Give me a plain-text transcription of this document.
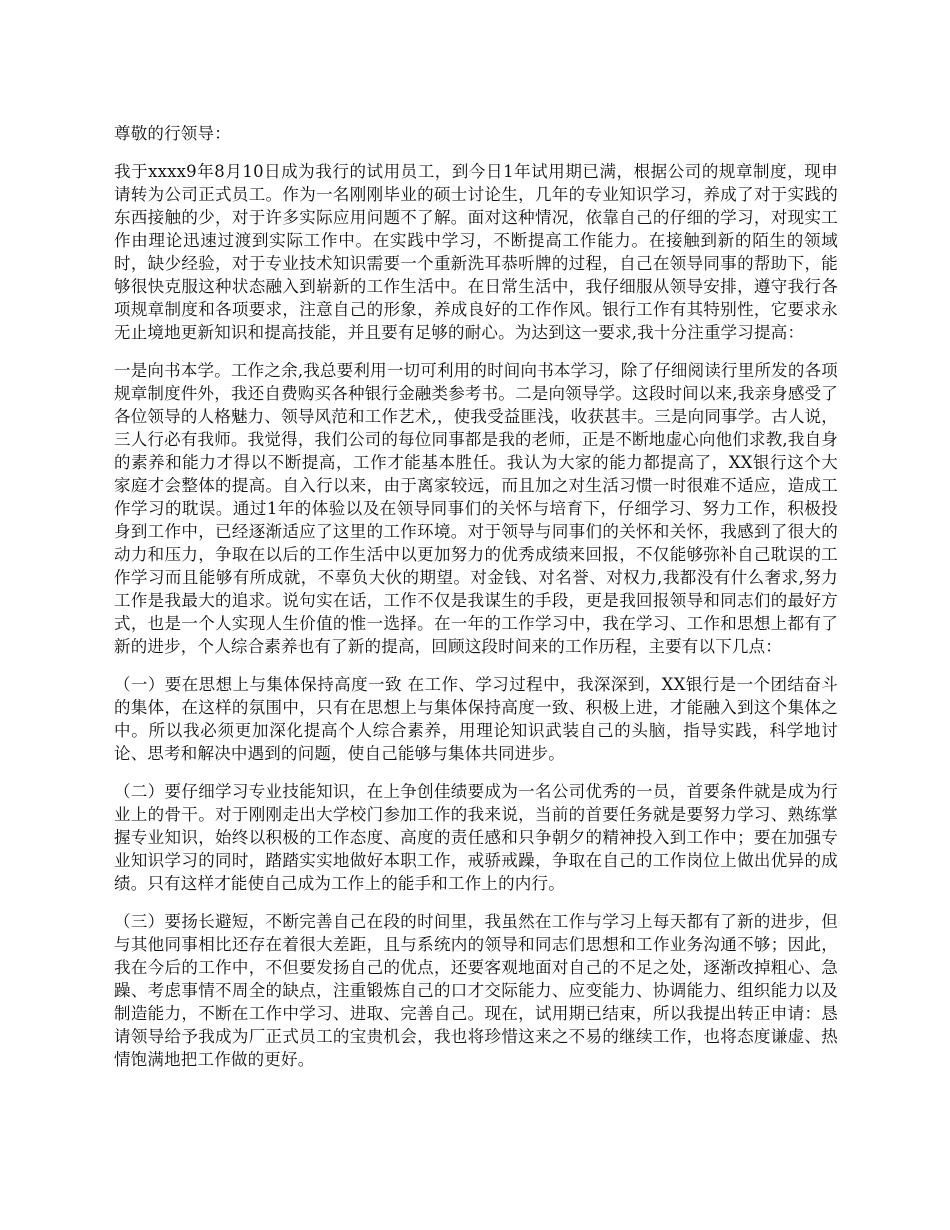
尊敬的行领导：

我于xxxx9年8月10日成为我行的试用员工，到今日1年试用期已满，根据公司的规章制度，现申请转为公司正式员工。作为一名刚刚毕业的硕士讨论生，几年的专业知识学习，养成了对于实践的东西接触的少，对于许多实际应用问题不了解。面对这种情况，依靠自己的仔细的学习，对现实工作由理论迅速过渡到实际工作中。在实践中学习，不断提高工作能力。在接触到新的陌生的领域时，缺少经验，对于专业技术知识需要一个重新洗耳恭听牌的过程，自己在领导同事的帮助下，能够很快克服这种状态融入到崭新的工作生活中。在日常生活中，我仔细服从领导安排，遵守我行各项规章制度和各项要求，注意自己的形象，养成良好的工作作风。银行工作有其特别性，它要求永无止境地更新知识和提高技能，并且要有足够的耐心。为达到这一要求,我十分注重学习提高：

一是向书本学。工作之余,我总要利用一切可利用的时间向书本学习，除了仔细阅读行里所发的各项规章制度件外，我还自费购买各种银行金融类参考书。二是向领导学。这段时间以来,我亲身感受了各位领导的人格魅力、领导风范和工作艺术,，使我受益匪浅，收获甚丰。三是向同事学。古人说，三人行必有我师。我觉得，我们公司的每位同事都是我的老师，正是不断地虚心向他们求教,我自身的素养和能力才得以不断提高，工作才能基本胜任。我认为大家的能力都提高了，XX银行这个大家庭才会整体的提高。自入行以来，由于离家较远，而且加之对生活习惯一时很难不适应，造成工作学习的耽误。通过1年的体验以及在领导同事们的关怀与培育下，仔细学习、努力工作，积极投身到工作中，已经逐渐适应了这里的工作环境。对于领导与同事们的关怀和关怀，我感到了很大的动力和压力，争取在以后的工作生活中以更加努力的优秀成绩来回报，不仅能够弥补自己耽误的工作学习而且能够有所成就，不辜负大伙的期望。对金钱、对名誉、对权力,我都没有什么奢求,努力工作是我最大的追求。说句实在话，工作不仅是我谋生的手段，更是我回报领导和同志们的最好方式，也是一个人实现人生价值的惟一选择。在一年的工作学习中，我在学习、工作和思想上都有了新的进步，个人综合素养也有了新的提高，回顾这段时间来的工作历程，主要有以下几点：

（一）要在思想上与集体保持高度一致 在工作、学习过程中，我深深到，XX银行是一个团结奋斗的集体，在这样的氛围中，只有在思想上与集体保持高度一致、积极上进，才能融入到这个集体之中。所以我必须更加深化提高个人综合素养，用理论知识武装自己的头脑，指导实践，科学地讨论、思考和解决中遇到的问题，使自己能够与集体共同进步。

（二）要仔细学习专业技能知识，在上争创佳绩要成为一名公司优秀的一员，首要条件就是成为行业上的骨干。对于刚刚走出大学校门参加工作的我来说，当前的首要任务就是要努力学习、熟练掌握专业知识，始终以积极的工作态度、高度的责任感和只争朝夕的精神投入到工作中；要在加强专业知识学习的同时，踏踏实实地做好本职工作，戒骄戒躁，争取在自己的工作岗位上做出优异的成绩。只有这样才能使自己成为工作上的能手和工作上的内行。

（三）要扬长避短，不断完善自己在段的时间里，我虽然在工作与学习上每天都有了新的进步，但与其他同事相比还存在着很大差距，且与系统内的领导和同志们思想和工作业务沟通不够；因此，我在今后的工作中，不但要发扬自己的优点，还要客观地面对自己的不足之处，逐渐改掉粗心、急躁、考虑事情不周全的缺点，注重锻炼自己的口才交际能力、应变能力、协调能力、组织能力以及制造能力，不断在工作中学习、进取、完善自己。现在，试用期已结束，所以我提出转正申请：恳请领导给予我成为厂正式员工的宝贵机会，我也将珍惜这来之不易的继续工作，也将态度谦虚、热情饱满地把工作做的更好。
